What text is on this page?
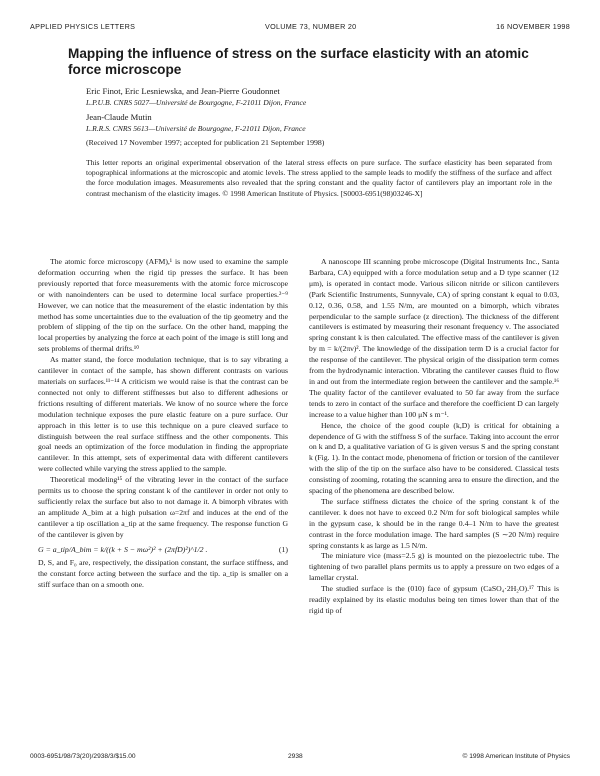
APPLIED PHYSICS LETTERS	VOLUME 73, NUMBER 20	16 NOVEMBER 1998
Mapping the influence of stress on the surface elasticity with an atomic force microscope

Eric Finot, Eric Lesniewska, and Jean-Pierre Goudonnet

L.P.U.B. CNRS 5027—Université de Bourgogne, F-21011 Dijon, France

Jean-Claude Mutin

L.R.R.S. CNRS 5613—Université de Bourgogne, F-21011 Dijon, France

(Received 17 November 1997; accepted for publication 21 September 1998)

This letter reports an original experimental observation of the lateral stress effects on pure surface. The surface elasticity has been separated from topographical informations at the microscopic and atomic levels. The stress applied to the sample leads to modify the stiffness of the surface and affect the force modulation images. Measurements also revealed that the spring constant and the quality factor of cantilevers play an important role in the contrast mechanism of the elasticity images. © 1998 American Institute of Physics. [S0003-6951(98)03246-X]

The atomic force microscopy (AFM),¹ is now used to examine the sample deformation occurring when the rigid tip presses the surface. It has been previously reported that force measurements with the atomic force microscope or with nanoindenters can be used to determine local surface properties.²⁻⁹ However, we can notice that the measurement of the elastic indentation by this method has some uncertainties due to the evaluation of the tip geometry and the problem of slipping of the tip on the surface. On the other hand, mapping the local properties by analyzing the force at each point of the image is still long and sets problems of thermal drifts.¹⁰

As matter stand, the force modulation technique, that is to say vibrating a cantilever in contact of the sample, has shown different contrasts on various materials on surfaces.¹¹⁻¹⁴ A criticism we would raise is that the contrast can be connected not only to different stiffnesses but also to different adhesions or frictions resulting of different materials. We know of no source where the force modulation technique exposes the pure elastic feature on a pure surface. Our approach in this letter is to use this technique on a pure cleaved surface to distinguish between the real surface stiffness and the other components. This goal needs an optimization of the force modulation in finding the appropriate cantilever. In this attempt, sets of experimental data with different cantilevers were collected while varying the stress applied to the sample.

Theoretical modeling¹⁵ of the vibrating lever in the contact of the surface permits us to choose the spring constant k of the cantilever in order not only to sufficiently relax the surface but also to not damage it. A bimorph vibrates with an amplitude A_bim at a high pulsation ω=2πf and induces at the end of the cantilever a tip oscillation a_tip at the same frequency. The response function G of the cantilever is given by

G = a_tip/A_bim = k/((k + S − mω²)² + (2πfD)²)^1/2 .	(1)

D, S, and F₀ are, respectively, the dissipation constant, the surface stiffness, and the constant force acting between the surface and the tip. a_tip is smaller on a stiff surface than on a smooth one.

A nanoscope III scanning probe microscope (Digital Instruments Inc., Santa Barbara, CA) equipped with a force modulation setup and a D type scanner (12 μm), is operated in contact mode. Various silicon nitride or silicon cantilevers (Park Scientific Instruments, Sunnyvale, CA) of spring constant k equal to 0.03, 0.12, 0.36, 0.58, and 1.55 N/m, are mounted on a bimorph, which vibrates perpendicular to the sample surface (z direction). The thickness of the different cantilevers is estimated by measuring their resonant frequency ν. The associated spring constant k is then calculated. The effective mass of the cantilever is given by m = k/(2πν)². The knowledge of the dissipation term D is a crucial factor for the response of the cantilever. The physical origin of the dissipation term comes from the hydrodynamic interaction. Vibrating the cantilever causes fluid to flow in and out from the intermediate region between the cantilever and the sample.¹⁶ The quality factor of the cantilever evaluated to 50 far away from the surface tends to zero in contact of the surface and therefore the coefficient D can largely increase to a value higher than 100 μN s m⁻¹.

Hence, the choice of the good couple (k,D) is critical for obtaining a dependence of G with the stiffness S of the surface. Taking into account the error on k and D, a qualitative variation of G is given versus S and the spring constant k (Fig. 1). In the contact mode, phenomena of friction or torsion of the cantilever with the slip of the tip on the surface also have to be considered. Classical tests consisting of zooming, rotating the scanning area to ensure the direction, and the spacing of the phenomena are described below.

The surface stiffness dictates the choice of the spring constant k of the cantilever. k does not have to exceed 0.2 N/m for soft biological samples while in the gypsum case, k should be in the range 0.4–1 N/m to have the greatest contrast in the force modulation image. The hard samples (S ∼20 N/m) require spring constants k as large as 1.5 N/m.

The miniature vice (mass=2.5 g) is mounted on the piezoelectric tube. The tightening of two parallel plans permits us to apply a pressure on two edges of a lamellar crystal.

The studied surface is the (010) face of gypsum (CaSO₄·2H₂O).¹⁷ This is readily explained by its elastic modulus being ten times lower than that of the rigid tip of

0003-6951/98/73(20)/2938/3/$15.00	2938	© 1998 American Institute of Physics
